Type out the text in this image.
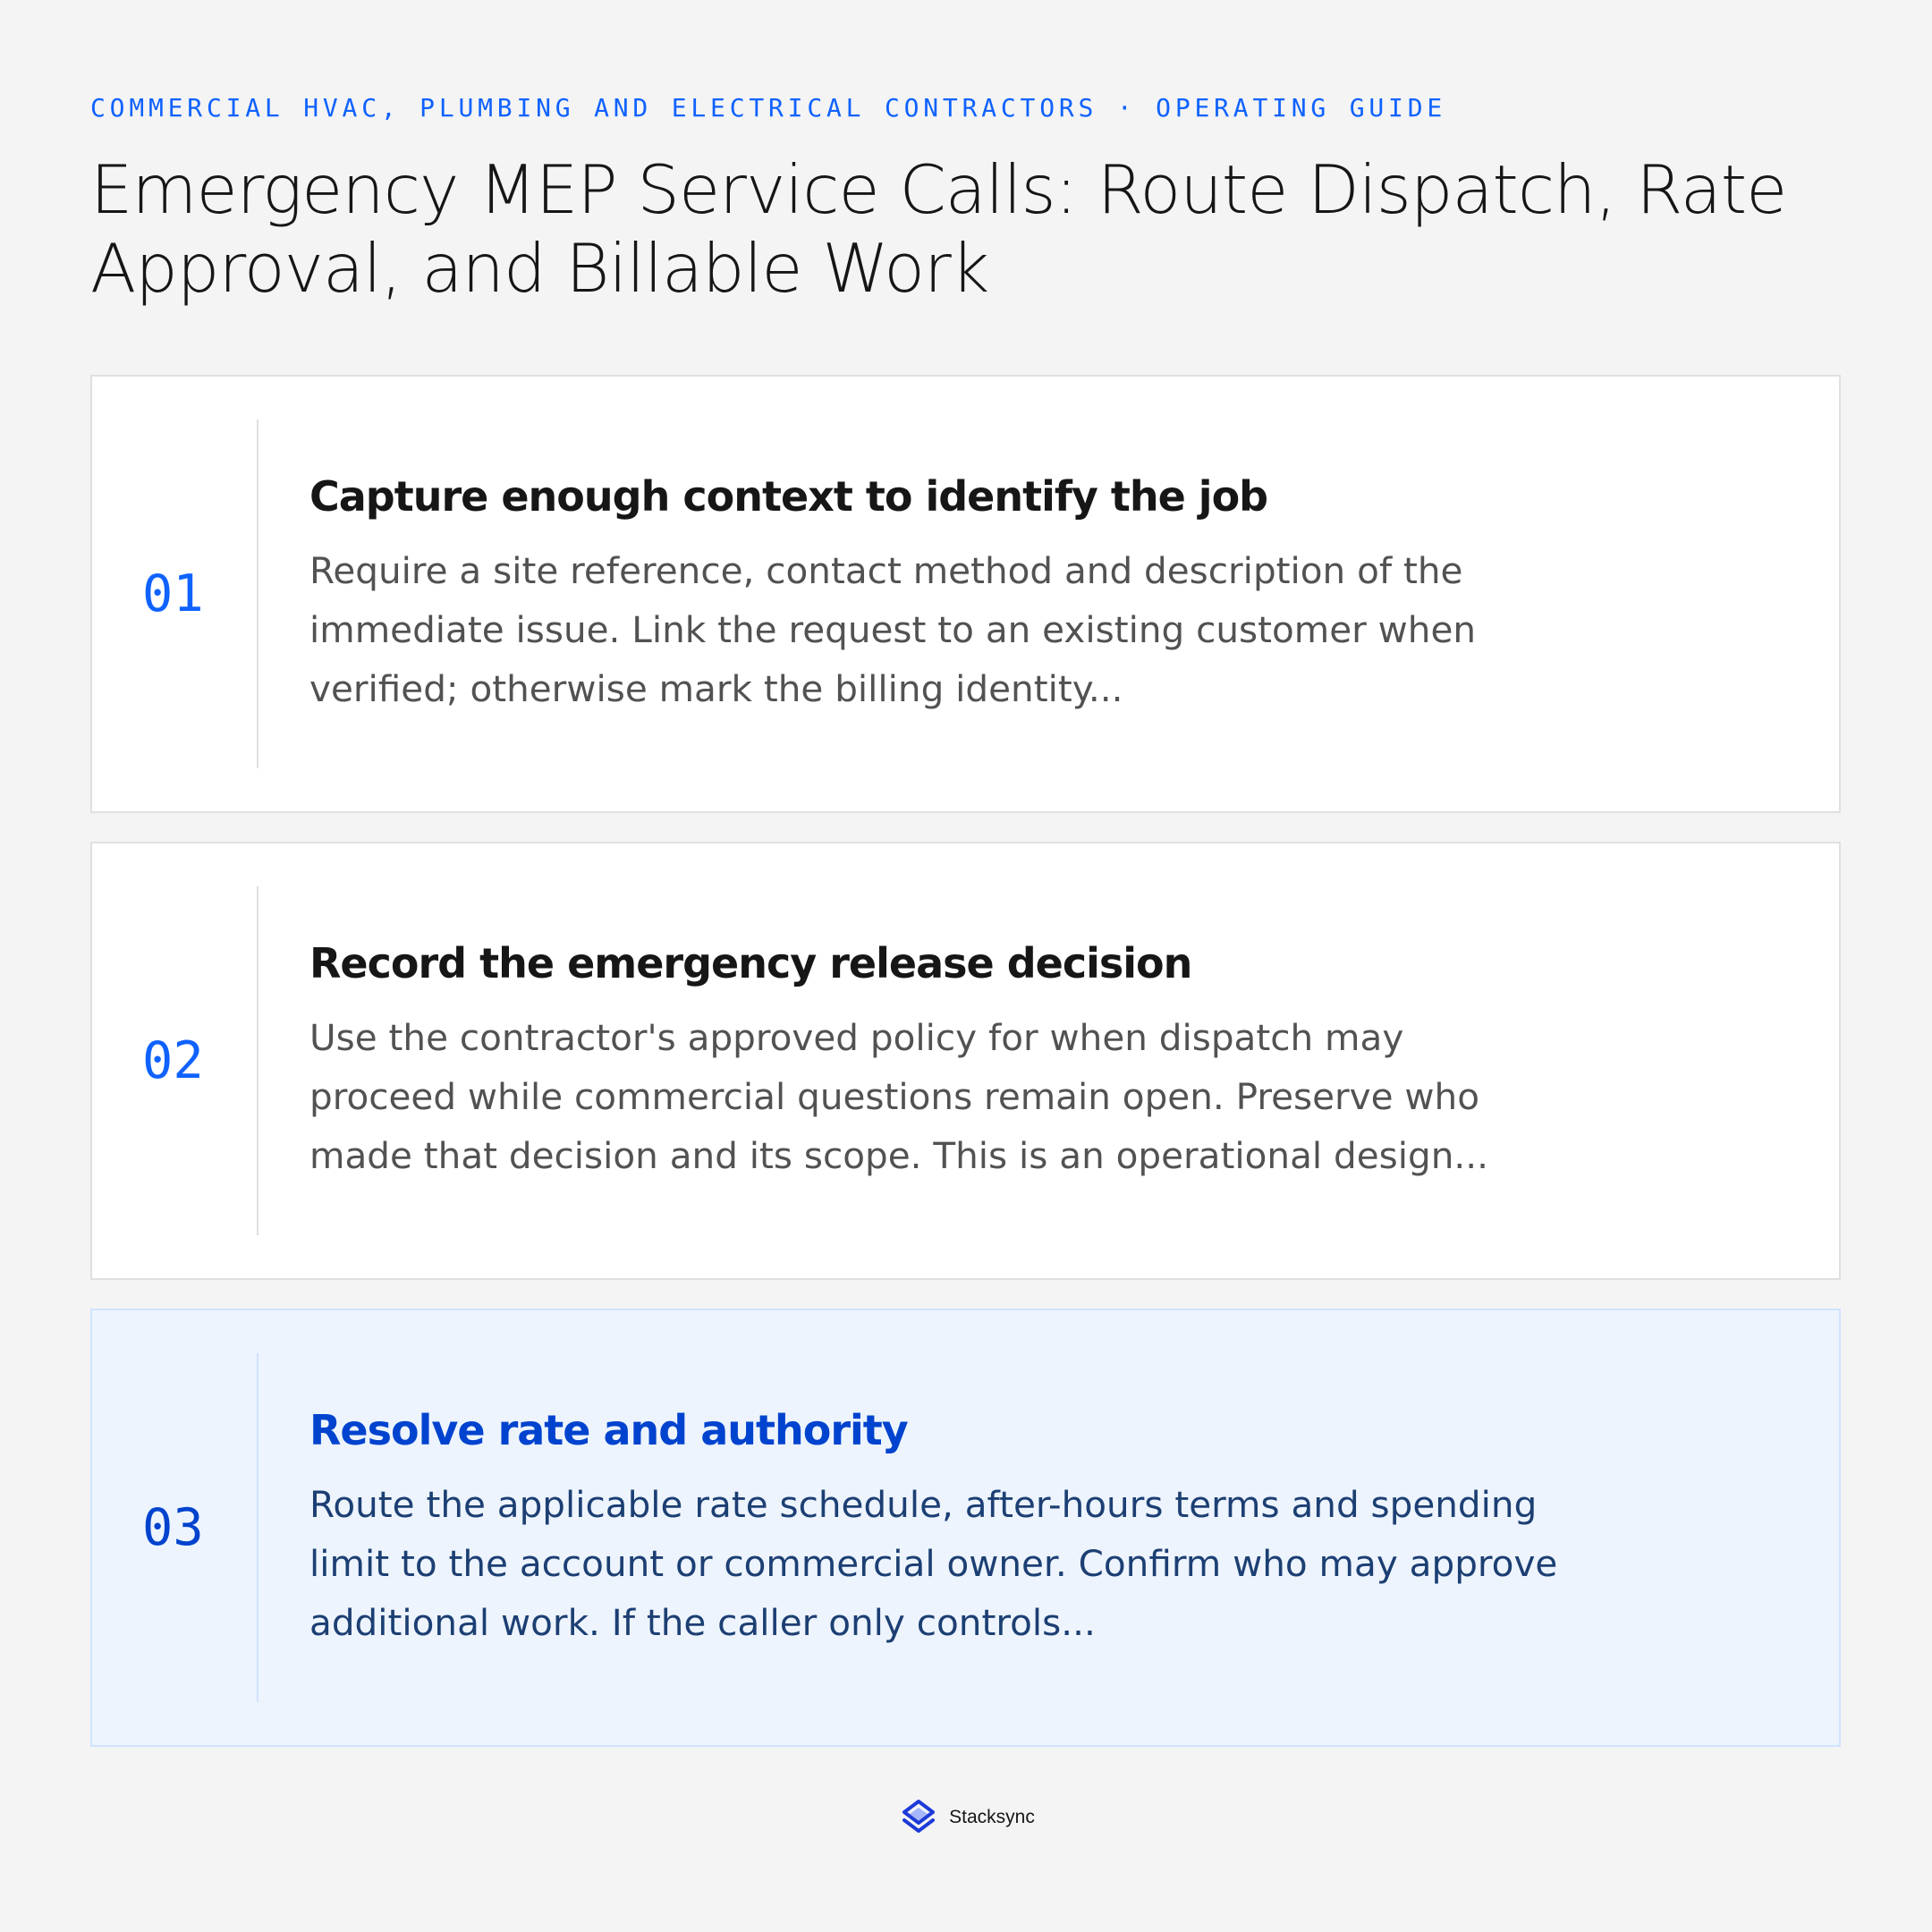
COMMERCIAL HVAC, PLUMBING AND ELECTRICAL CONTRACTORS · OPERATING GUIDE
Emergency MEP Service Calls: Route Dispatch, Rate Approval, and Billable Work
01
Capture enough context to identify the job

Require a site reference, contact method and description of the immediate issue. Link the request to an existing customer when verified; otherwise mark the billing identity...

02
Record the emergency release decision

Use the contractor's approved policy for when dispatch may proceed while commercial questions remain open. Preserve who made that decision and its scope. This is an operational design...

03
Resolve rate and authority

Route the applicable rate schedule, after-hours terms and spending limit to the account or commercial owner. Confirm who may approve additional work. If the caller only controls...

Stacksync
